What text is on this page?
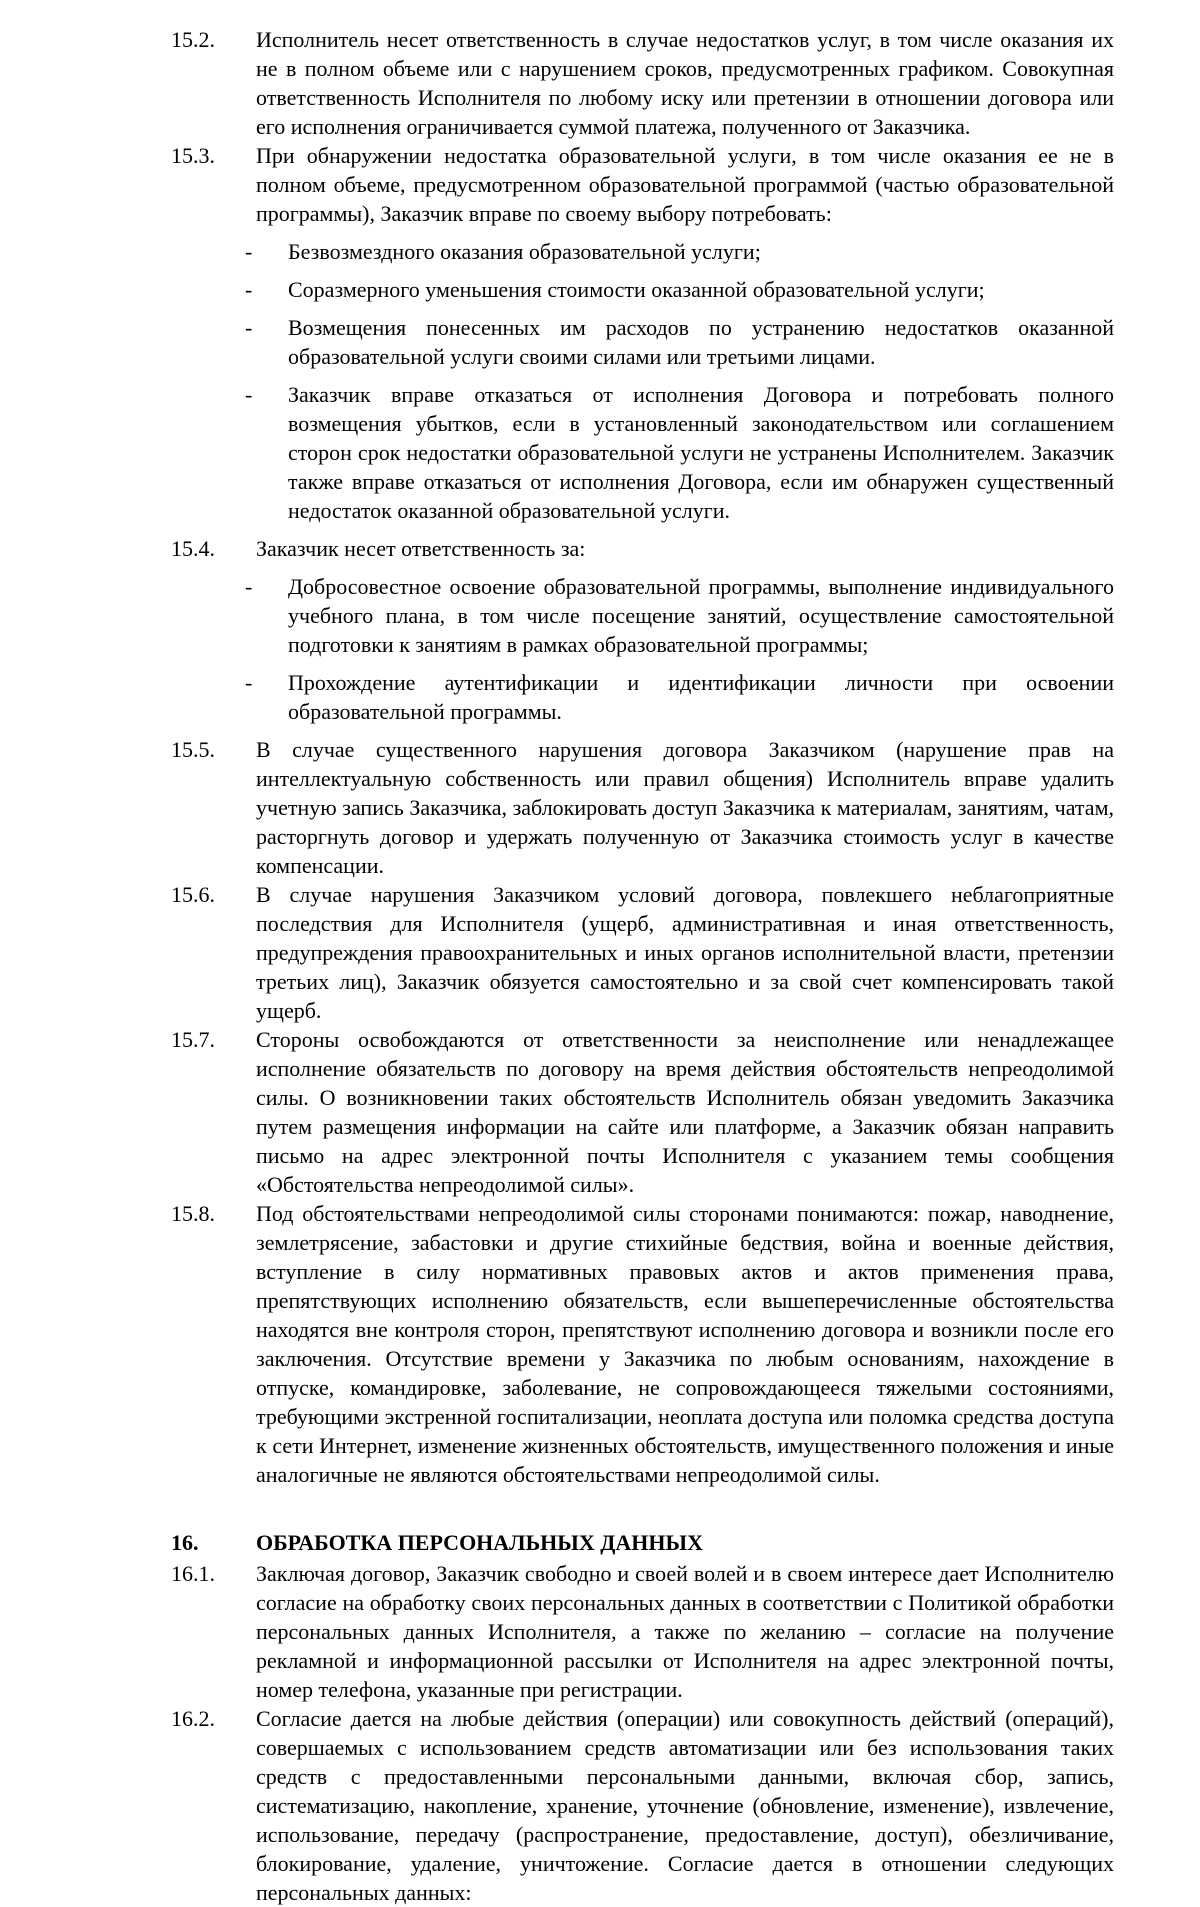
15.2.	Исполнитель несет ответственность в случае недостатков услуг, в том числе оказания их не в полном объеме или с нарушением сроков, предусмотренных графиком. Совокупная ответственность Исполнителя по любому иску или претензии в отношении договора или его исполнения ограничивается суммой платежа, полученного от Заказчика.
15.3.	При обнаружении недостатка образовательной услуги, в том числе оказания ее не в полном объеме, предусмотренном образовательной программой (частью образовательной программы), Заказчик вправе по своему выбору потребовать:
-	Безвозмездного оказания образовательной услуги;
-	Соразмерного уменьшения стоимости оказанной образовательной услуги;
-	Возмещения понесенных им расходов по устранению недостатков оказанной образовательной услуги своими силами или третьими лицами.
-	Заказчик вправе отказаться от исполнения Договора и потребовать полного возмещения убытков, если в установленный законодательством или соглашением сторон срок недостатки образовательной услуги не устранены Исполнителем. Заказчик также вправе отказаться от исполнения Договора, если им обнаружен существенный недостаток оказанной образовательной услуги.
15.4.	Заказчик несет ответственность за:
-	Добросовестное освоение образовательной программы, выполнение индивидуального учебного плана, в том числе посещение занятий, осуществление самостоятельной подготовки к занятиям в рамках образовательной программы;
-	Прохождение аутентификации и идентификации личности при освоении образовательной программы.
15.5.	В случае существенного нарушения договора Заказчиком (нарушение прав на интеллектуальную собственность или правил общения) Исполнитель вправе удалить учетную запись Заказчика, заблокировать доступ Заказчика к материалам, занятиям, чатам, расторгнуть договор и удержать полученную от Заказчика стоимость услуг в качестве компенсации.
15.6.	В случае нарушения Заказчиком условий договора, повлекшего неблагоприятные последствия для Исполнителя (ущерб, административная и иная ответственность, предупреждения правоохранительных и иных органов исполнительной власти, претензии третьих лиц), Заказчик обязуется самостоятельно и за свой счет компенсировать такой ущерб.
15.7.	Стороны освобождаются от ответственности за неисполнение или ненадлежащее исполнение обязательств по договору на время действия обстоятельств непреодолимой силы. О возникновении таких обстоятельств Исполнитель обязан уведомить Заказчика путем размещения информации на сайте или платформе, а Заказчик обязан направить письмо на адрес электронной почты Исполнителя с указанием темы сообщения «Обстоятельства непреодолимой силы».
15.8.	Под обстоятельствами непреодолимой силы сторонами понимаются: пожар, наводнение, землетрясение, забастовки и другие стихийные бедствия, война и военные действия, вступление в силу нормативных правовых актов и актов применения права, препятствующих исполнению обязательств, если вышеперечисленные обстоятельства находятся вне контроля сторон, препятствуют исполнению договора и возникли после его заключения. Отсутствие времени у Заказчика по любым основаниям, нахождение в отпуске, командировке, заболевание, не сопровождающееся тяжелыми состояниями, требующими экстренной госпитализации, неоплата доступа или поломка средства доступа к сети Интернет, изменение жизненных обстоятельств, имущественного положения и иные аналогичные не являются обстоятельствами непреодолимой силы.
16.	ОБРАБОТКА ПЕРСОНАЛЬНЫХ ДАННЫХ
16.1.	Заключая договор, Заказчик свободно и своей волей и в своем интересе дает Исполнителю согласие на обработку своих персональных данных в соответствии с Политикой обработки персональных данных Исполнителя, а также по желанию – согласие на получение рекламной и информационной рассылки от Исполнителя на адрес электронной почты, номер телефона, указанные при регистрации.
16.2.	Согласие дается на любые действия (операции) или совокупность действий (операций), совершаемых с использованием средств автоматизации или без использования таких средств с предоставленными персональными данными, включая сбор, запись, систематизацию, накопление, хранение, уточнение (обновление, изменение), извлечение, использование, передачу (распространение, предоставление, доступ), обезличивание, блокирование, удаление, уничтожение. Согласие дается в отношении следующих персональных данных:
